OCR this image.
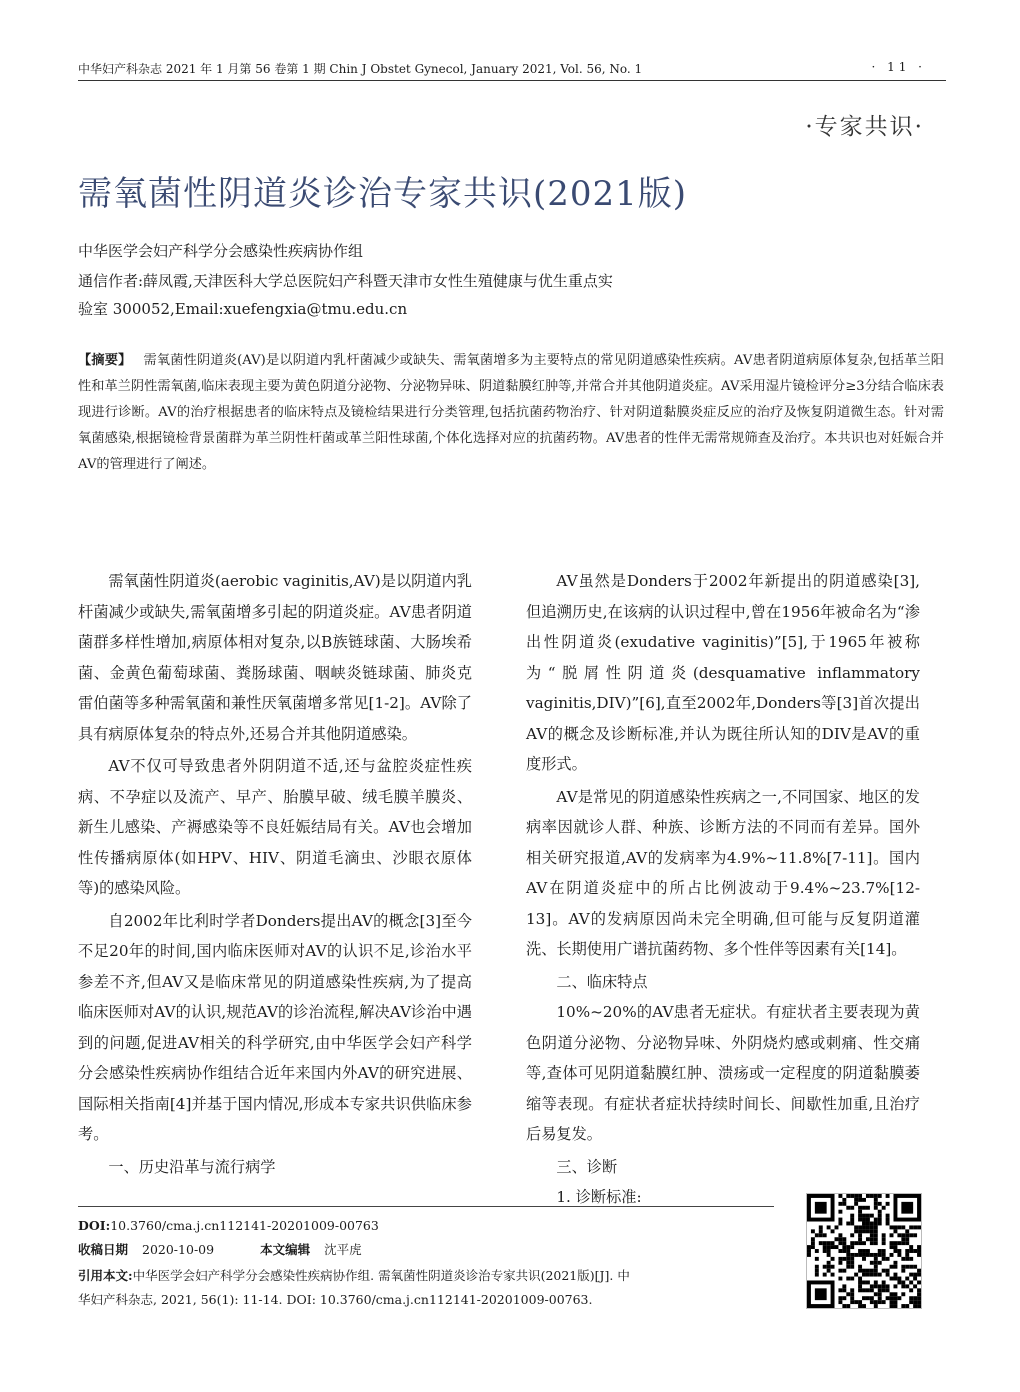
中华妇产科杂志 2021 年 1 月第 56 卷第 1 期 Chin J Obstet Gynecol, January 2021, Vol. 56, No. 1	· 11 ·
·专家共识·
需氧菌性阴道炎诊治专家共识(2021版)
中华医学会妇产科学分会感染性疾病协作组
通信作者:薛凤霞,天津医科大学总医院妇产科暨天津市女性生殖健康与优生重点实
验室 300052,Email:xuefengxia@tmu.edu.cn
【摘要】 需氧菌性阴道炎(AV)是以阴道内乳杆菌减少或缺失、需氧菌增多为主要特点的常见阴道感染性疾病。AV患者阴道病原体复杂,包括革兰阳性和革兰阴性需氧菌,临床表现主要为黄色阴道分泌物、分泌物异味、阴道黏膜红肿等,并常合并其他阴道炎症。AV采用湿片镜检评分≥3分结合临床表现进行诊断。AV的治疗根据患者的临床特点及镜检结果进行分类管理,包括抗菌药物治疗、针对阴道黏膜炎症反应的治疗及恢复阴道微生态。针对需氧菌感染,根据镜检背景菌群为革兰阴性杆菌或革兰阳性球菌,个体化选择对应的抗菌药物。AV患者的性伴无需常规筛查及治疗。本共识也对妊娠合并AV的管理进行了阐述。

需氧菌性阴道炎(aerobic vaginitis,AV)是以阴道内乳杆菌减少或缺失,需氧菌增多引起的阴道炎症。AV患者阴道菌群多样性增加,病原体相对复杂,以B族链球菌、大肠埃希菌、金黄色葡萄球菌、粪肠球菌、咽峡炎链球菌、肺炎克雷伯菌等多种需氧菌和兼性厌氧菌增多常见[1-2]。AV除了具有病原体复杂的特点外,还易合并其他阴道感染。

AV不仅可导致患者外阴阴道不适,还与盆腔炎症性疾病、不孕症以及流产、早产、胎膜早破、绒毛膜羊膜炎、新生儿感染、产褥感染等不良妊娠结局有关。AV也会增加性传播病原体(如HPV、HIV、阴道毛滴虫、沙眼衣原体等)的感染风险。

自2002年比利时学者Donders提出AV的概念[3]至今不足20年的时间,国内临床医师对AV的认识不足,诊治水平参差不齐,但AV又是临床常见的阴道感染性疾病,为了提高临床医师对AV的认识,规范AV的诊治流程,解决AV诊治中遇到的问题,促进AV相关的科学研究,由中华医学会妇产科学分会感染性疾病协作组结合近年来国内外AV的研究进展、国际相关指南[4]并基于国内情况,形成本专家共识供临床参考。

一、历史沿革与流行病学

AV虽然是Donders于2002年新提出的阴道感染[3],但追溯历史,在该病的认识过程中,曾在1956年被命名为“渗出性阴道炎(exudative vaginitis)”[5],于1965年被称为“脱屑性阴道炎(desquamative inflammatory vaginitis,DIV)”[6],直至2002年,Donders等[3]首次提出AV的概念及诊断标准,并认为既往所认知的DIV是AV的重度形式。

AV是常见的阴道感染性疾病之一,不同国家、地区的发病率因就诊人群、种族、诊断方法的不同而有差异。国外相关研究报道,AV的发病率为4.9%~11.8%[7-11]。国内AV在阴道炎症中的所占比例波动于9.4%~23.7%[12-13]。AV的发病原因尚未完全明确,但可能与反复阴道灌洗、长期使用广谱抗菌药物、多个性伴等因素有关[14]。

二、临床特点

10%~20%的AV患者无症状。有症状者主要表现为黄色阴道分泌物、分泌物异味、外阴烧灼感或刺痛、性交痛等,查体可见阴道黏膜红肿、溃疡或一定程度的阴道黏膜萎缩等表现。有症状者症状持续时间长、间歇性加重,且治疗后易复发。

三、诊断

1. 诊断标准:

DOI:10.3760/cma.j.cn112141-20201009-00763
收稿日期 2020-10-09	本文编辑 沈平虎
引用本文:中华医学会妇产科学分会感染性疾病协作组. 需氧菌性阴道炎诊治专家共识(2021版)[J]. 中
华妇产科杂志, 2021, 56(1): 11-14. DOI: 10.3760/cma.j.cn112141-20201009-00763.
